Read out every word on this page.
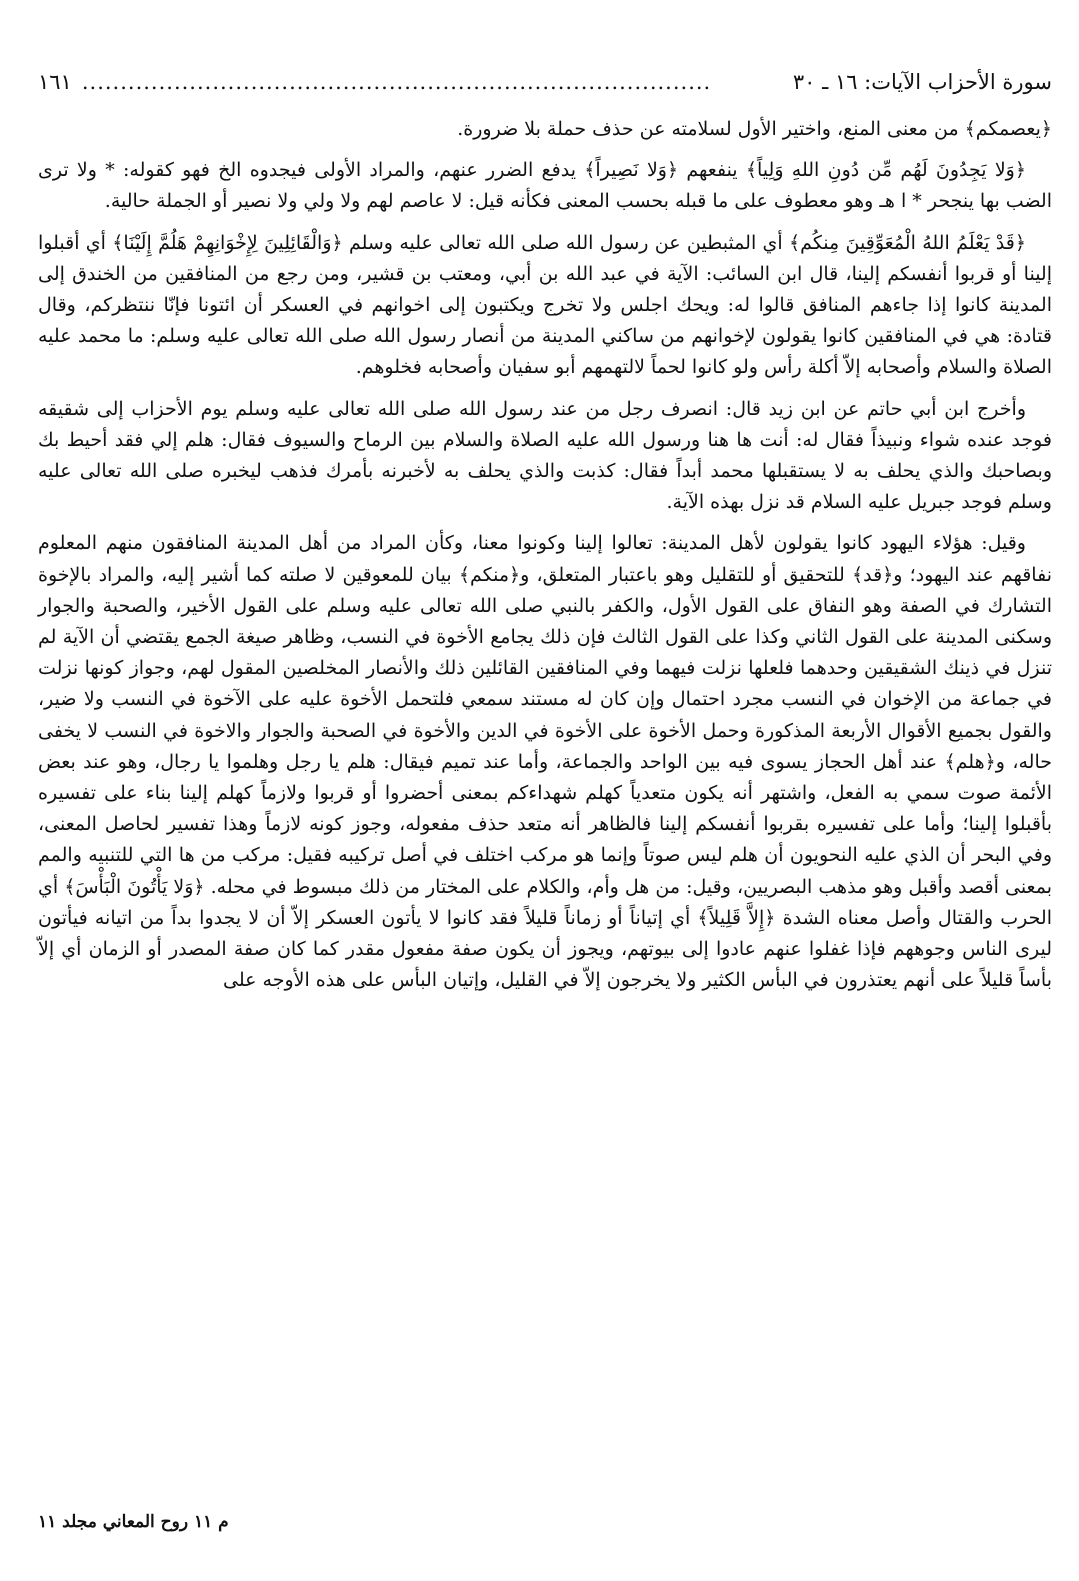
سورة الأحزاب الآيات: ١٦ ـ ٣٠
..................................................................................
١٦١

﴿يعصمكم﴾ من معنى المنع، واختير الأول لسلامته عن حذف حملة بلا ضرورة.

﴿وَلا يَجِدُونَ لَهُم مِّن دُونِ اللهِ وَلِياً﴾ ينفعهم ﴿وَلا نَصِيراً﴾ يدفع الضرر عنهم، والمراد الأولى فيجدوه الخ فهو كقوله: * ولا ترى الضب بها ينجحر * ا هـ وهو معطوف على ما قبله بحسب المعنى فكأنه قيل: لا عاصم لهم ولا ولي ولا نصير أو الجملة حالية.

﴿قَدْ يَعْلَمُ اللهُ الْمُعَوِّقِينَ مِنكُم﴾ أي المثبطين عن رسول الله صلى الله تعالى عليه وسلم ﴿وَالْقَائِلِينَ لِإِخْوَانِهِمْ هَلُمَّ إِلَيْنَا﴾ أي أقبلوا إلينا أو قربوا أنفسكم إلينا، قال ابن السائب: الآية في عبد الله بن أبي، ومعتب بن قشير، ومن رجع من المنافقين من الخندق إلى المدينة كانوا إذا جاءهم المنافق قالوا له: ويحك اجلس ولا تخرج ويكتبون إلى اخوانهم في العسكر أن ائتونا فإنّا ننتظركم، وقال قتادة: هي في المنافقين كانوا يقولون لإخوانهم من ساكني المدينة من أنصار رسول الله صلى الله تعالى عليه وسلم: ما محمد عليه الصلاة والسلام وأصحابه إلاّ أكلة رأس ولو كانوا لحماً لالتهمهم أبو سفيان وأصحابه فخلوهم.

وأخرج ابن أبي حاتم عن ابن زيد قال: انصرف رجل من عند رسول الله صلى الله تعالى عليه وسلم يوم الأحزاب إلى شقيقه فوجد عنده شواء ونبيذاً فقال له: أنت ها هنا ورسول الله عليه الصلاة والسلام بين الرماح والسيوف فقال: هلم إلي فقد أحيط بك وبصاحبك والذي يحلف به لا يستقبلها محمد أبداً فقال: كذبت والذي يحلف به لأخبرنه بأمرك فذهب ليخبره صلى الله تعالى عليه وسلم فوجد جبريل عليه السلام قد نزل بهذه الآية.

وقيل: هؤلاء اليهود كانوا يقولون لأهل المدينة: تعالوا إلينا وكونوا معنا، وكأن المراد من أهل المدينة المنافقون منهم المعلوم نفاقهم عند اليهود؛ و﴿قد﴾ للتحقيق أو للتقليل وهو باعتبار المتعلق، و﴿منكم﴾ بيان للمعوقين لا صلته كما أشير إليه، والمراد بالإخوة التشارك في الصفة وهو النفاق على القول الأول، والكفر بالنبي صلى الله تعالى عليه وسلم على القول الأخير، والصحبة والجوار وسكنى المدينة على القول الثاني وكذا على القول الثالث فإن ذلك يجامع الأخوة في النسب، وظاهر صيغة الجمع يقتضي أن الآية لم تنزل في ذينك الشقيقين وحدهما فلعلها نزلت فيهما وفي المنافقين القائلين ذلك والأنصار المخلصين المقول لهم، وجواز كونها نزلت في جماعة من الإخوان في النسب مجرد احتمال وإن كان له مستند سمعي فلتحمل الأخوة عليه على الآخوة في النسب ولا ضير، والقول بجميع الأقوال الأربعة المذكورة وحمل الأخوة على الأخوة في الدين والأخوة في الصحبة والجوار والاخوة في النسب لا يخفى حاله، و﴿هلم﴾ عند أهل الحجاز يسوى فيه بين الواحد والجماعة، وأما عند تميم فيقال: هلم يا رجل وهلموا يا رجال، وهو عند بعض الأئمة صوت سمي به الفعل، واشتهر أنه يكون متعدياً كهلم شهداءكم بمعنى أحضروا أو قربوا ولازماً كهلم إلينا بناء على تفسيره بأقبلوا إلينا؛ وأما على تفسيره بقربوا أنفسكم إلينا فالظاهر أنه متعد حذف مفعوله، وجوز كونه لازماً وهذا تفسير لحاصل المعنى، وفي البحر أن الذي عليه النحويون أن هلم ليس صوتاً وإنما هو مركب اختلف في أصل تركيبه فقيل: مركب من ها التي للتنبيه والمم بمعنى أقصد وأقبل وهو مذهب البصريين، وقيل: من هل وأم، والكلام على المختار من ذلك مبسوط في محله. ﴿وَلا يَأْتُونَ الْبَأْسَ﴾ أي الحرب والقتال وأصل معناه الشدة ﴿إِلاَّ قَلِيلاً﴾ أي إتياناً أو زماناً قليلاً فقد كانوا لا يأتون العسكر إلاّ أن لا يجدوا بداً من اتيانه فيأتون ليرى الناس وجوههم فإذا غفلوا عنهم عادوا إلى بيوتهم، ويجوز أن يكون صفة مفعول مقدر كما كان صفة المصدر أو الزمان أي إلاّ بأساً قليلاً على أنهم يعتذرون في البأس الكثير ولا يخرجون إلاّ في القليل، وإتيان البأس على هذه الأوجه على

م ١١ روح المعاني مجلد ١١
